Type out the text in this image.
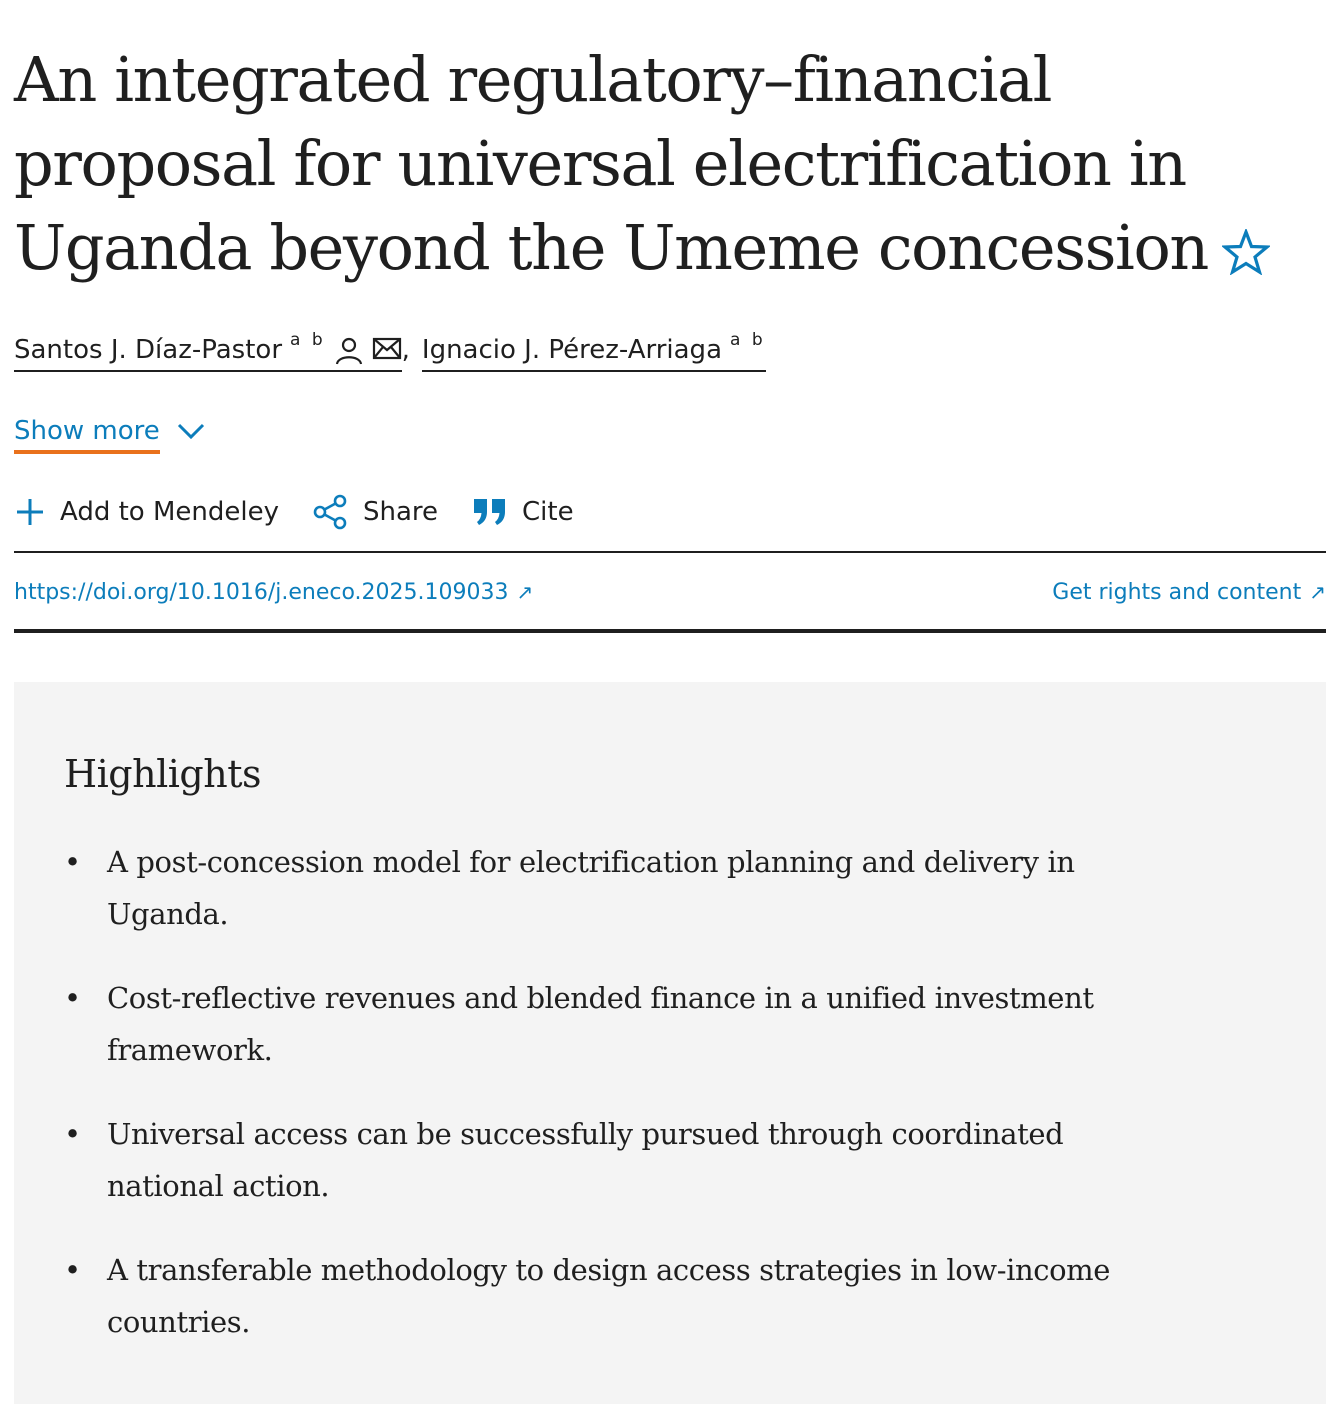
An integrated regulatory–financial proposal for universal electrification in Uganda beyond the Umeme concession
Santos J. Díaz-Pastor $^{a b}$	, Ignacio J. Pérez-Arriaga $^{a b}$
Show more
Add to Mendeley	Share	Cite
https://doi.org/10.1016/j.eneco.2025.109033 ↗	Get rights and content ↗
Highlights
• A post-concession model for electrification planning and delivery in Uganda.
• Cost-reflective revenues and blended finance in a unified investment framework.
• Universal access can be successfully pursued through coordinated national action.
• A transferable methodology to design access strategies in low-income countries.
